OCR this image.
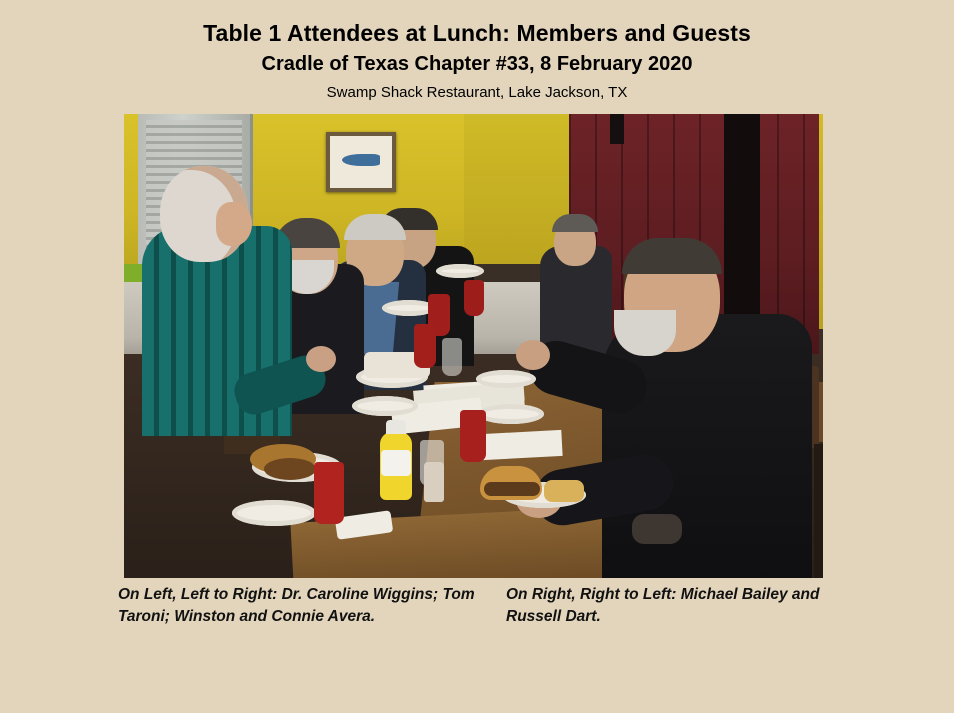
Table 1 Attendees at Lunch: Members and Guests
Cradle of Texas Chapter #33, 8 February 2020
Swamp Shack Restaurant, Lake Jackson, TX
On Left, Left to Right: Dr. Caroline Wiggins; Tom Taroni; Winston and Connie Avera.
On Right, Right to Left: Michael Bailey and Russell Dart.
